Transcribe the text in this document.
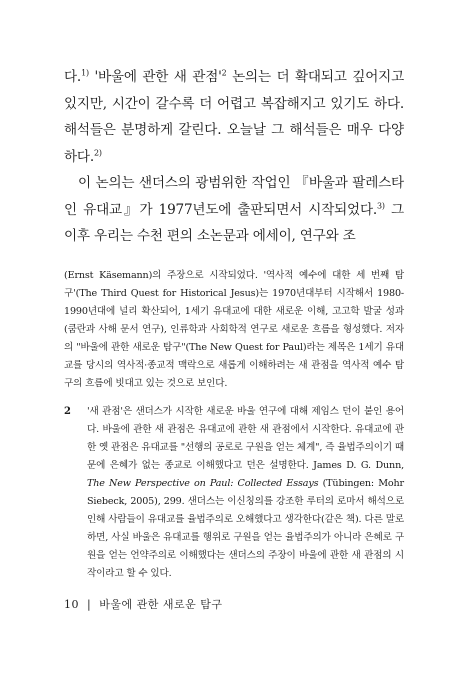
다.$^{1)}$ '바울에 관한 새 관점'$^2$ 논의는 더 확대되고 깊어지고 있지만, 시간이 갈수록 더 어렵고 복잡해지고 있기도 하다. 해석들은 분명하게 갈린다. 오늘날 그 해석들은 매우 다양하다.$^{2)}$

이 논의는 샌더스의 광범위한 작업인 『바울과 팔레스타인 유대교』가 1977년도에 출판되면서 시작되었다.$^{3)}$ 그 이후 우리는 수천 편의 소논문과 에세이, 연구와 조

(Ernst Käsemann)의 주장으로 시작되었다. '역사적 예수에 대한 세 번째 탐구'(The Third Quest for Historical Jesus)는 1970년대부터 시작해서 1980-1990년대에 널리 확산되어, 1세기 유대교에 대한 새로운 이해, 고고학 발굴 성과(쿰란과 사해 문서 연구), 인류학과 사회학적 연구로 새로운 흐름을 형성했다. 저자의 "바울에 관한 새로운 탐구"(The New Quest for Paul)라는 제목은 1세기 유대교를 당시의 역사적·종교적 맥락으로 새롭게 이해하려는 새 관점을 역사적 예수 탐구의 흐름에 빗대고 있는 것으로 보인다.

2 '새 관점'은 샌더스가 시작한 새로운 바울 연구에 대해 제임스 던이 붙인 용어다. 바울에 관한 새 관점은 유대교에 관한 새 관점에서 시작한다. 유대교에 관한 옛 관점은 유대교를 "선행의 공로로 구원을 얻는 체계", 즉 율법주의이기 때문에 은혜가 없는 종교로 이해했다고 던은 설명한다. James D. G. Dunn, The New Perspective on Paul: Collected Essays (Tübingen: Mohr Siebeck, 2005), 299. 샌더스는 이신칭의를 강조한 루터의 로마서 해석으로 인해 사람들이 유대교를 율법주의로 오해했다고 생각한다(같은 책). 다른 말로 하면, 사실 바울은 유대교를 행위로 구원을 얻는 율법주의가 아니라 은혜로 구원을 얻는 언약주의로 이해했다는 샌더스의 주장이 바울에 관한 새 관점의 시작이라고 할 수 있다.

10 | 바울에 관한 새로운 탐구
